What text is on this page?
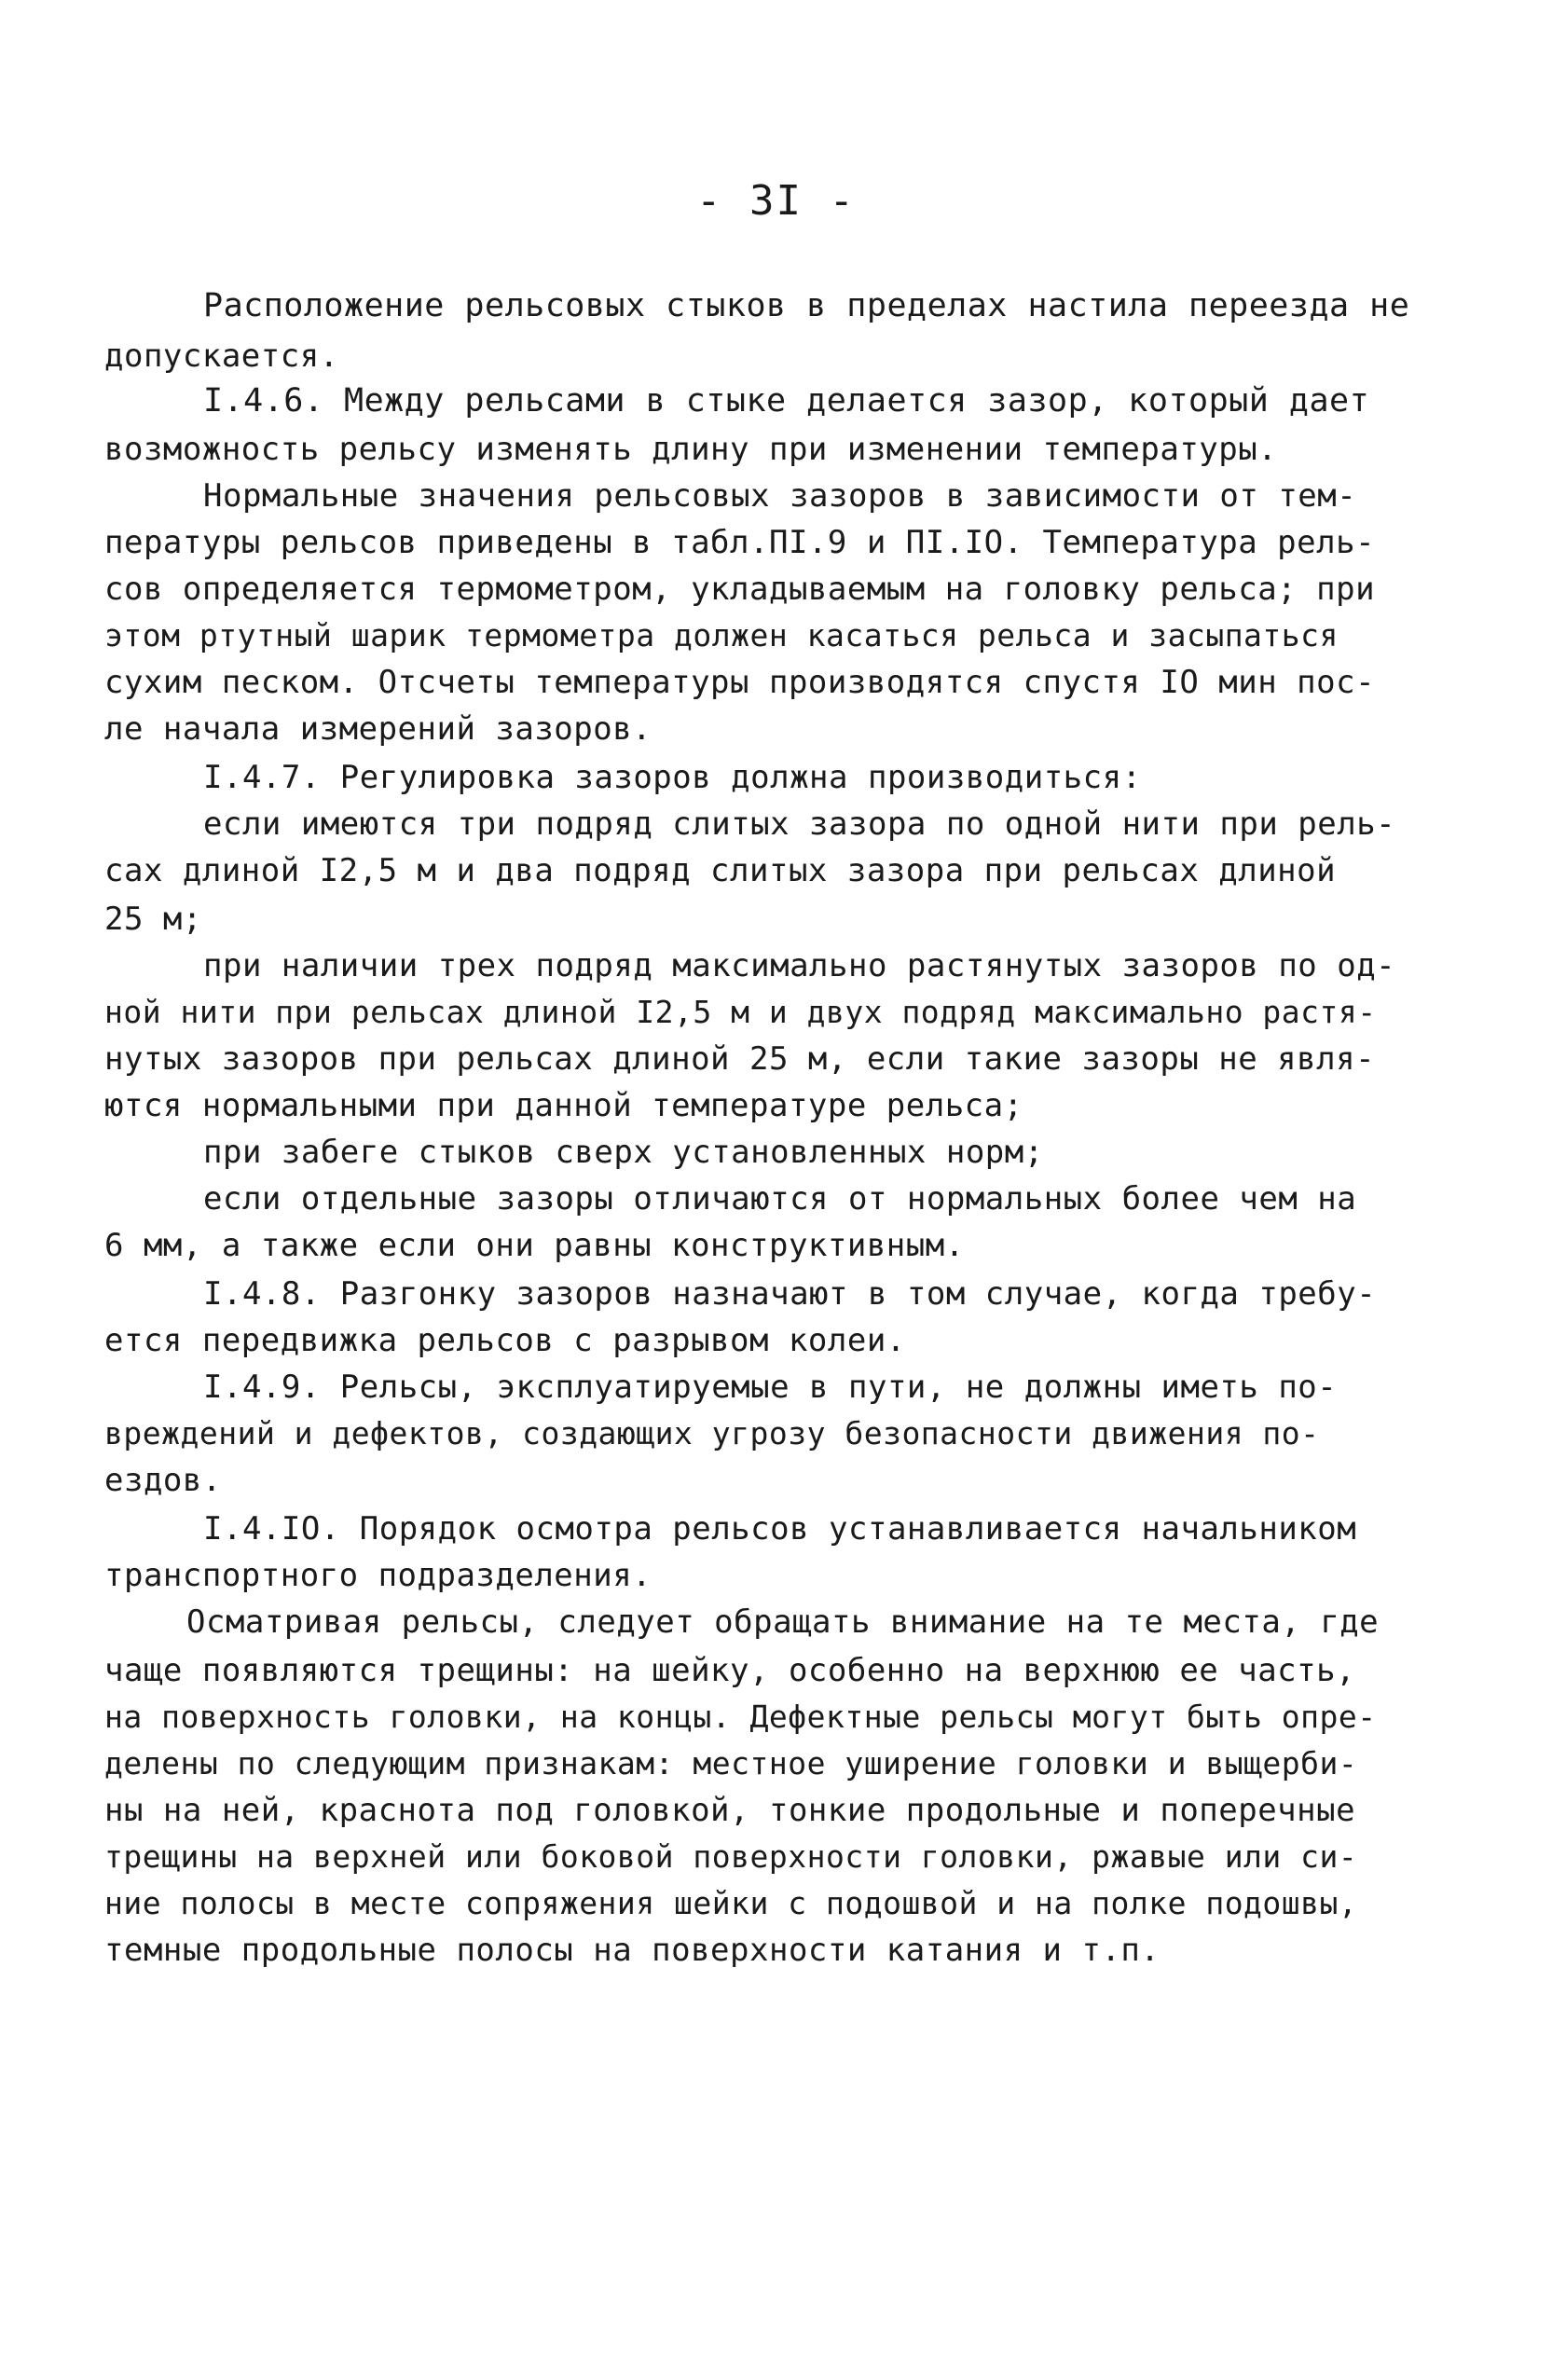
- 3I -
Расположение рельсовых стыков в пределах настила переезда не
допускается.
I.4.6. Между рельсами в стыке делается зазор, который дает
возможность рельсу изменять длину при изменении температуры.
Нормальные значения рельсовых зазоров в зависимости от тем-
пературы рельсов приведены в табл.ПI.9 и ПI.IO. Температура рель-
сов определяется термометром, укладываемым на головку рельса; при
этом ртутный шарик термометра должен касаться рельса и засыпаться
сухим песком. Отсчеты температуры производятся спустя IO мин пос-
ле начала измерений зазоров.
I.4.7. Регулировка зазоров должна производиться:
если имеются три подряд слитых зазора по одной нити при рель-
сах длиной I2,5 м и два подряд слитых зазора при рельсах длиной
25 м;
при наличии трех подряд максимально растянутых зазоров по од-
ной нити при рельсах длиной I2,5 м и двух подряд максимально растя-
нутых зазоров при рельсах длиной 25 м, если такие зазоры не явля-
ются нормальными при данной температуре рельса;
при забеге стыков сверх установленных норм;
если отдельные зазоры отличаются от нормальных более чем на
6 мм, а также если они равны конструктивным.
I.4.8. Разгонку зазоров назначают в том случае, когда требу-
ется передвижка рельсов с разрывом колеи.
I.4.9. Рельсы, эксплуатируемые в пути, не должны иметь по-
вреждений и дефектов, создающих угрозу безопасности движения по-
ездов.
I.4.IO. Порядок осмотра рельсов устанавливается начальником
транспортного подразделения.
Осматривая рельсы, следует обращать внимание на те места, где
чаще появляются трещины: на шейку, особенно на верхнюю ее часть,
на поверхность головки, на концы. Дефектные рельсы могут быть опре-
делены по следующим признакам: местное уширение головки и выщерби-
ны на ней, краснота под головкой, тонкие продольные и поперечные
трещины на верхней или боковой поверхности головки, ржавые или си-
ние полосы в месте сопряжения шейки с подошвой и на полке подошвы,
темные продольные полосы на поверхности катания и т.п.
